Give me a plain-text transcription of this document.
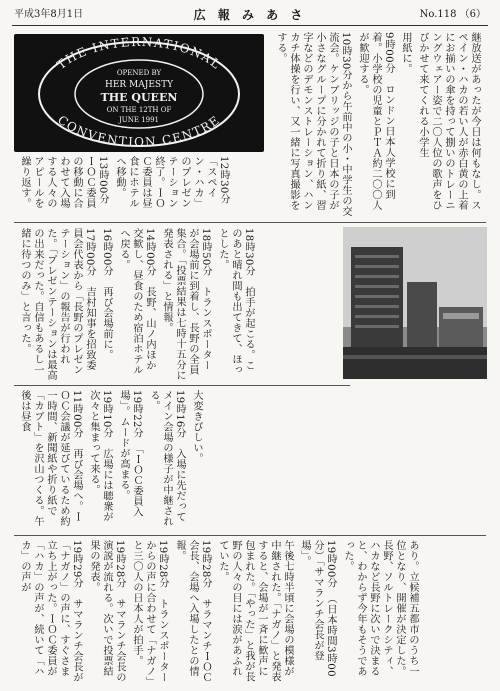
平成3年8月1日	広 報 み あ さ	No.118 （6）
THE INTERNATIONAL
CONVENTION CENTRE
OPENED BY
HER MAJESTY
THE QUEEN
ON THE 12TH OF
JUNE 1991	継放送があったが今日は何もなし。スペイン・ハカの若い人が赤白黄の上着にお揃いの傘を持って捌いのトレーニングウェアー姿で二〇人位の歌声をひびかせて来てくれる小学生

用紙に。

9時00分　ロンドン日本人学校に到着。小学校の児童とＰＴＡ約二〇〇人が歓迎する。

10時30分から午前中の小・中学生の交流会。ケンブリッジの子と日本の子が小さなグループに分かれて折り紙、習字などのデモンストレーション、ハンカチ体操を行い、又一緒に写真撮影をする。

12時30分　「スペイン・ハカ」のプレゼンテーション終了。ＩＯＣ委員は昼食にホテルへ移動。

13時00分　ＩＯＣ委員の移動に合わせて入場する人々のアピールを繰り返す。

18時30分　拍手が起こる。このあと晴れ間も出てきて、ほっとした。

18時50分　トランスポーターが会場前に到着し、長野の全員集合。「投票結果は七時十五分に発表される」と情報。

14時00分　長野、山ノ内ほか交歓し、昼食のため宿泊ホテルへ戻る。

16時00分　再び会場前に。

17時00分　吉村知事を招致委員会代表から「長野のプレゼンテーション」の報告が行われた。「プレゼンテーションは最高の出来だった。自信もあるし一緒に待つのみ」と言った。

大変きびしい。

19時16分　入場に先だってメイン会場の様子が中継される。

19時22分　「ＩＯＣ委員入場」。ムードが高まる。

19時10分　広場には聴衆が次々と集まって来る。

11時00分　再び会場へ。ＩＯＣ会議が延びているため約一時間、新聞紙や折り紙で「カブト」を沢山つくる。午後は昼食

あり。立候補五都市のうち一位となり、開催が決定した。長野、ソルトレークシティ、ハカなど長野に次いで決まると、わからず今年もそうであった。

19時00分　（日本時間3時00分）「サマランチ会長が登場」。

午後七時半頃に会場の模様が中継された。「ナガノ」と発表すると、会場が一斉に歓声に包まれた。「やった」と我が長野の人々の目には涙があふれていた。

19時28分　サラマンチＩＯＣ会長、会場へ入場したとの情報。

19時28分　トランスポーターからの声に合わせて「ナガノ」と三〇人の日本人が拍手。

19時28分　サマランチ会長の演説が流れる。次いで投票結果の発表。

19時29分　サマランチ会長が「ナガノ」の声に、すぐさま立ち上がった。ＩＯＣ委員が「ハカ」の声が、続いて「ハカ」の声が
